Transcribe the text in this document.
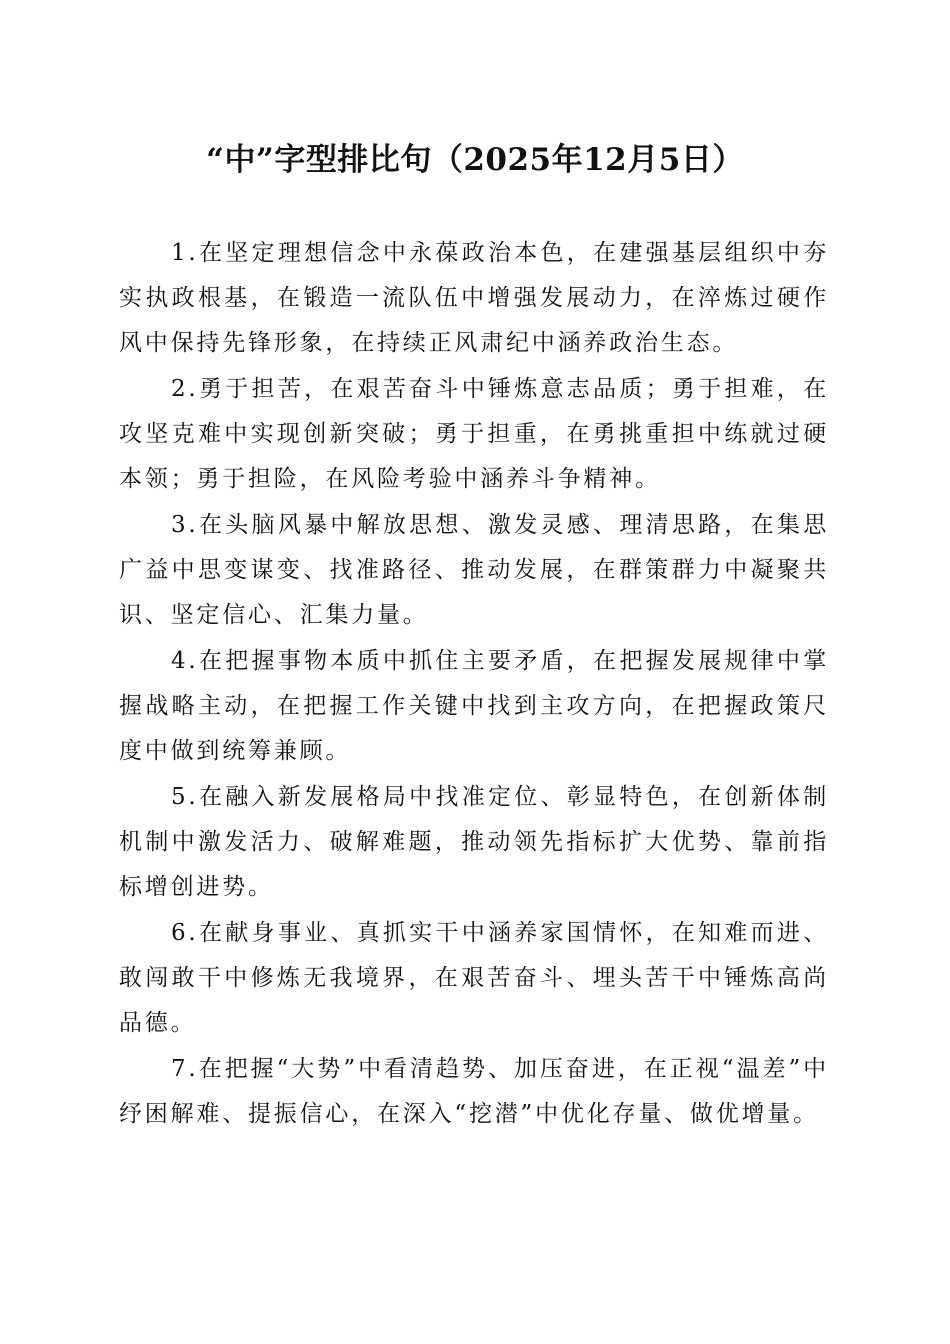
“中”字型排比句（2025年12月5日）

1.在坚定理想信念中永葆政治本色，在建强基层组织中夯实执政根基，在锻造一流队伍中增强发展动力，在淬炼过硬作风中保持先锋形象，在持续正风肃纪中涵养政治生态。

2.勇于担苦，在艰苦奋斗中锤炼意志品质；勇于担难，在攻坚克难中实现创新突破；勇于担重，在勇挑重担中练就过硬本领；勇于担险，在风险考验中涵养斗争精神。

3.在头脑风暴中解放思想、激发灵感、理清思路，在集思广益中思变谋变、找准路径、推动发展，在群策群力中凝聚共识、坚定信心、汇集力量。

4.在把握事物本质中抓住主要矛盾，在把握发展规律中掌握战略主动，在把握工作关键中找到主攻方向，在把握政策尺度中做到统筹兼顾。

5.在融入新发展格局中找准定位、彰显特色，在创新体制机制中激发活力、破解难题，推动领先指标扩大优势、靠前指标增创进势。

6.在献身事业、真抓实干中涵养家国情怀，在知难而进、敢闯敢干中修炼无我境界，在艰苦奋斗、埋头苦干中锤炼高尚品德。

7.在把握“大势”中看清趋势、加压奋进，在正视“温差”中纾困解难、提振信心，在深入“挖潜”中优化存量、做优增量。
